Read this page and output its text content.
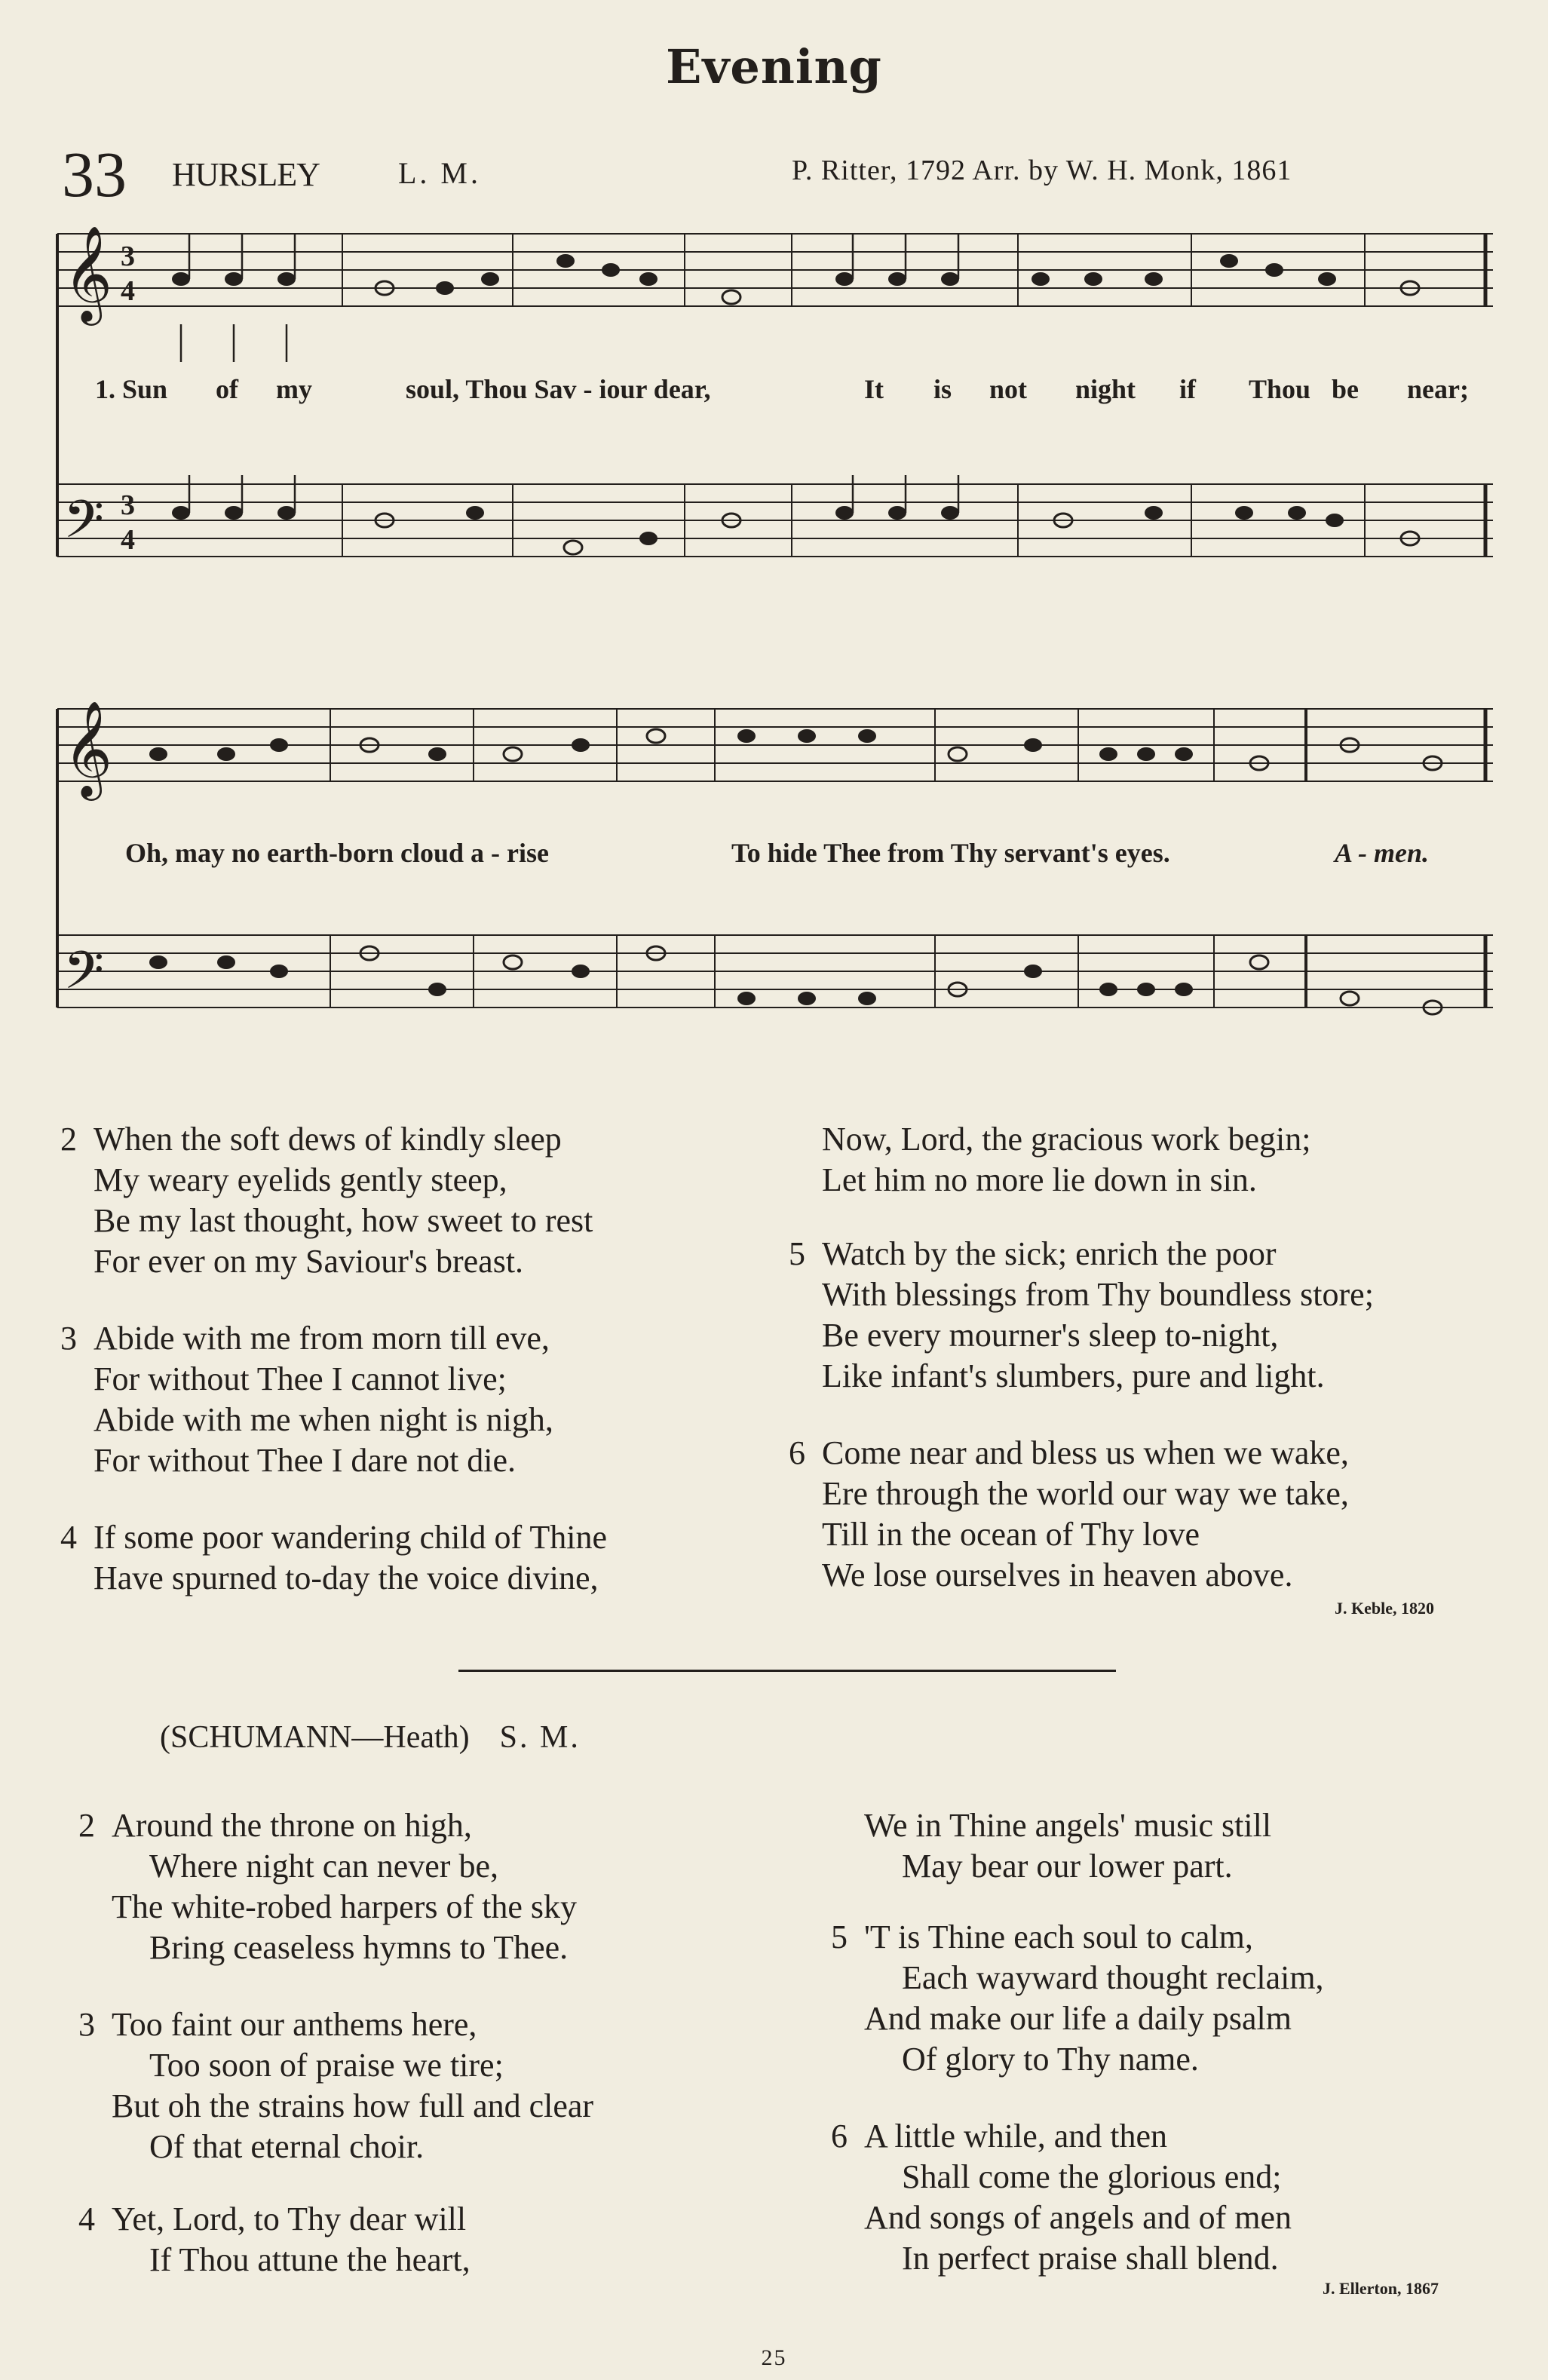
Evening
33 HURSLEY	L. M.	P. Ritter, 1792 Arr. by W. H. Monk, 1861
𝄞
𝄢
3
4
3
4
1. Sun of my	soul, Thou Sav - iour dear,	It is not night if Thou be near;
𝄞
𝄢
Oh, may no earth-born cloud a - rise	To hide Thee from Thy servant's eyes.	A - men.
2 When the soft dews of kindly sleep
My weary eyelids gently steep,
Be my last thought, how sweet to rest
For ever on my Saviour's breast.
3 Abide with me from morn till eve,
For without Thee I cannot live;
Abide with me when night is nigh,
For without Thee I dare not die.
4 If some poor wandering child of Thine
Have spurned to-day the voice divine,
Now, Lord, the gracious work begin;
Let him no more lie down in sin.
5 Watch by the sick; enrich the poor
With blessings from Thy boundless store;
Be every mourner's sleep to-night,
Like infant's slumbers, pure and light.
6 Come near and bless us when we wake,
Ere through the world our way we take,
Till in the ocean of Thy love
We lose ourselves in heaven above.
J. Keble, 1820
(SCHUMANN—Heath) S. M.
2 Around the throne on high,
Where night can never be,
The white-robed harpers of the sky
Bring ceaseless hymns to Thee.
3 Too faint our anthems here,
Too soon of praise we tire;
But oh the strains how full and clear
Of that eternal choir.
4 Yet, Lord, to Thy dear will
If Thou attune the heart,
We in Thine angels' music still
May bear our lower part.
5 'T is Thine each soul to calm,
Each wayward thought reclaim,
And make our life a daily psalm
Of glory to Thy name.
6 A little while, and then
Shall come the glorious end;
And songs of angels and of men
In perfect praise shall blend.
J. Ellerton, 1867
25
